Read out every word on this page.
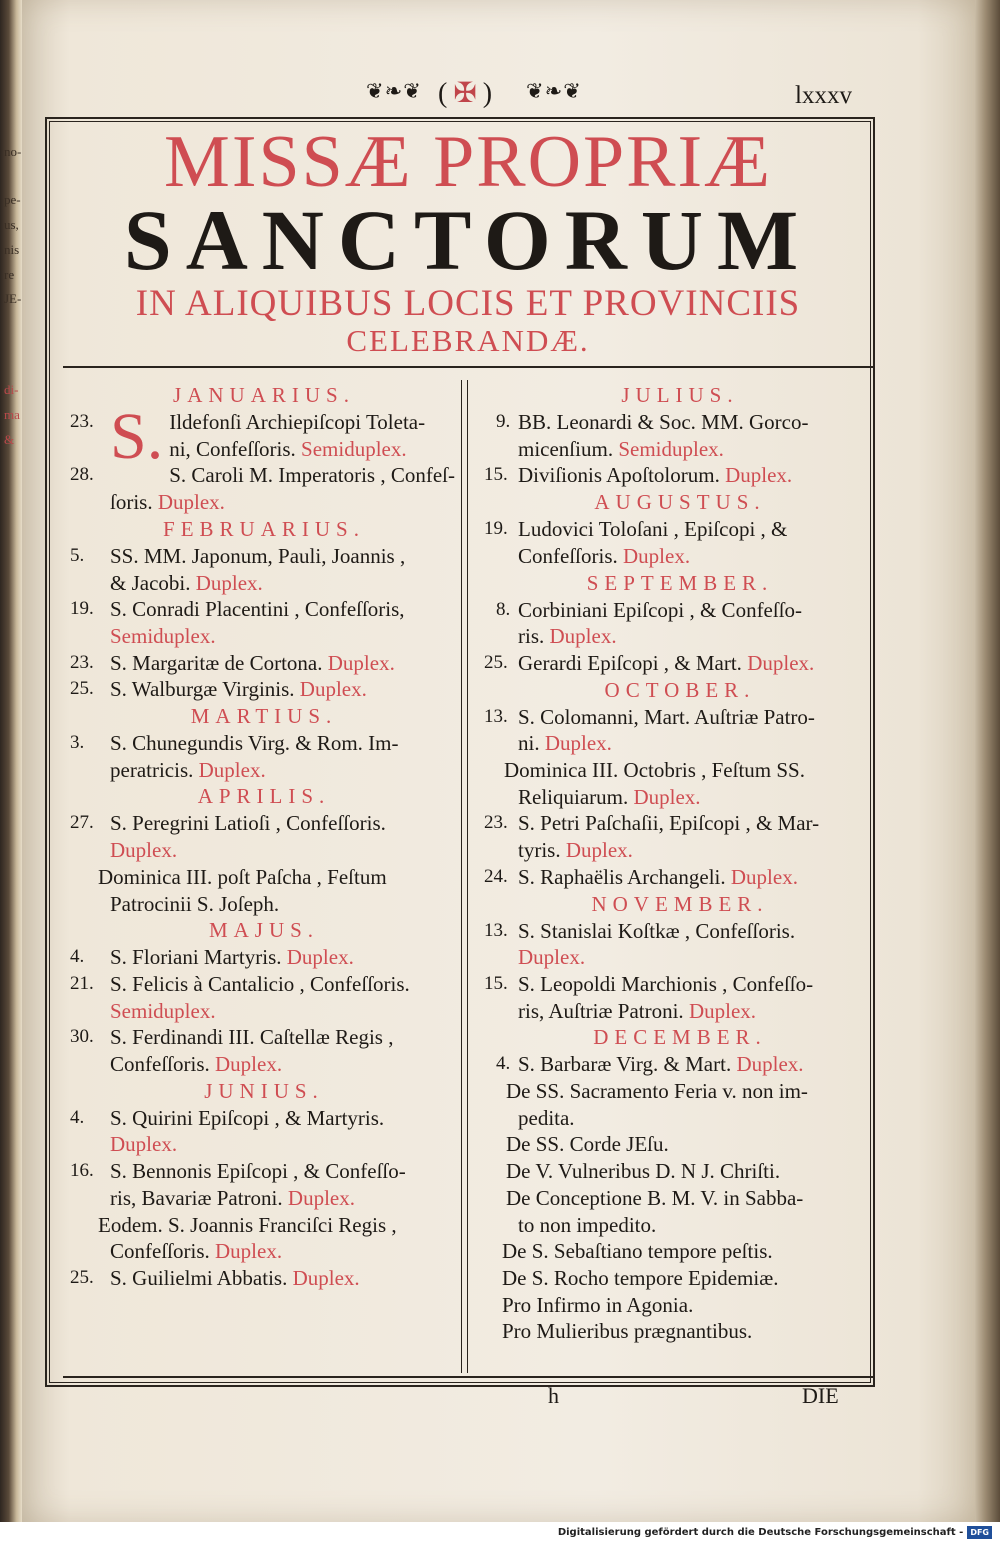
no-
pe-
us,
nis
re
JE-
di-
ma
&
❦❧❦ ( ✠ ) ❦❧❦	lxxxv
MISSÆ PROPRIÆ
SANCTORUM
IN ALIQUIBUS LOCIS ET PROVINCIIS
CELEBRANDÆ.
JANUARIUS.
23. S. Ildefonſi Archiepiſcopi Toleta-
ni, Confeſſoris. Semiduplex.
28.	S. Caroli M. Imperatoris , Confeſ-
ſoris. Duplex.
FEBRUARIUS.
5. SS. MM. Japonum, Pauli, Joannis ,
& Jacobi. Duplex.
19. S. Conradi Placentini , Confeſſoris,
Semiduplex.
23. S. Margaritæ de Cortona. Duplex.
25. S. Walburgæ Virginis. Duplex.
MARTIUS.
3. S. Chunegundis Virg. & Rom. Im-
peratricis. Duplex.
APRILIS.
27. S. Peregrini Latioſi , Confeſſoris.
Duplex.
Dominica III. poſt Paſcha , Feſtum
Patrocinii S. Joſeph.
MAJUS.
4. S. Floriani Martyris. Duplex.
21. S. Felicis à Cantalicio , Confeſſoris.
Semiduplex.
30. S. Ferdinandi III. Caſtellæ Regis ,
Confeſſoris. Duplex.
JUNIUS.
4. S. Quirini Epiſcopi , & Martyris.
Duplex.
16. S. Bennonis Epiſcopi , & Confeſſo-
ris, Bavariæ Patroni. Duplex.
Eodem. S. Joannis Franciſci Regis ,
Confeſſoris. Duplex.
25. S. Guilielmi Abbatis. Duplex.
JULIUS.
9. BB. Leonardi & Soc. MM. Gorco-
micenſium. Semiduplex.
15. Diviſionis Apoſtolorum. Duplex.
AUGUSTUS.
19. Ludovici Toloſani , Epiſcopi , &
Confeſſoris. Duplex.
SEPTEMBER.
8. Corbiniani Epiſcopi , & Confeſſo-
ris. Duplex.
25. Gerardi Epiſcopi , & Mart. Duplex.
OCTOBER.
13. S. Colomanni, Mart. Auſtriæ Patro-
ni. Duplex.
Dominica III. Octobris , Feſtum SS.
Reliquiarum. Duplex.
23. S. Petri Paſchaſii, Epiſcopi , & Mar-
tyris. Duplex.
24. S. Raphaëlis Archangeli. Duplex.
NOVEMBER.
13. S. Stanislai Koſtkæ , Confeſſoris.
Duplex.
15. S. Leopoldi Marchionis , Confeſſo-
ris, Auſtriæ Patroni. Duplex.
DECEMBER.
4. S. Barbaræ Virg. & Mart. Duplex.
De SS. Sacramento Feria v. non im-
pedita.
De SS. Corde JEſu.
De V. Vulneribus D. N J. Chriſti.
De Conceptione B. M. V. in Sabba-
to non impedito.
De S. Sebaſtiano tempore peſtis.
De S. Rocho tempore Epidemiæ.
Pro Infirmo in Agonia.
Pro Mulieribus prægnantibus.
h	DIE
Digitalisierung gefördert durch die Deutsche Forschungsgemeinschaft - DFG
